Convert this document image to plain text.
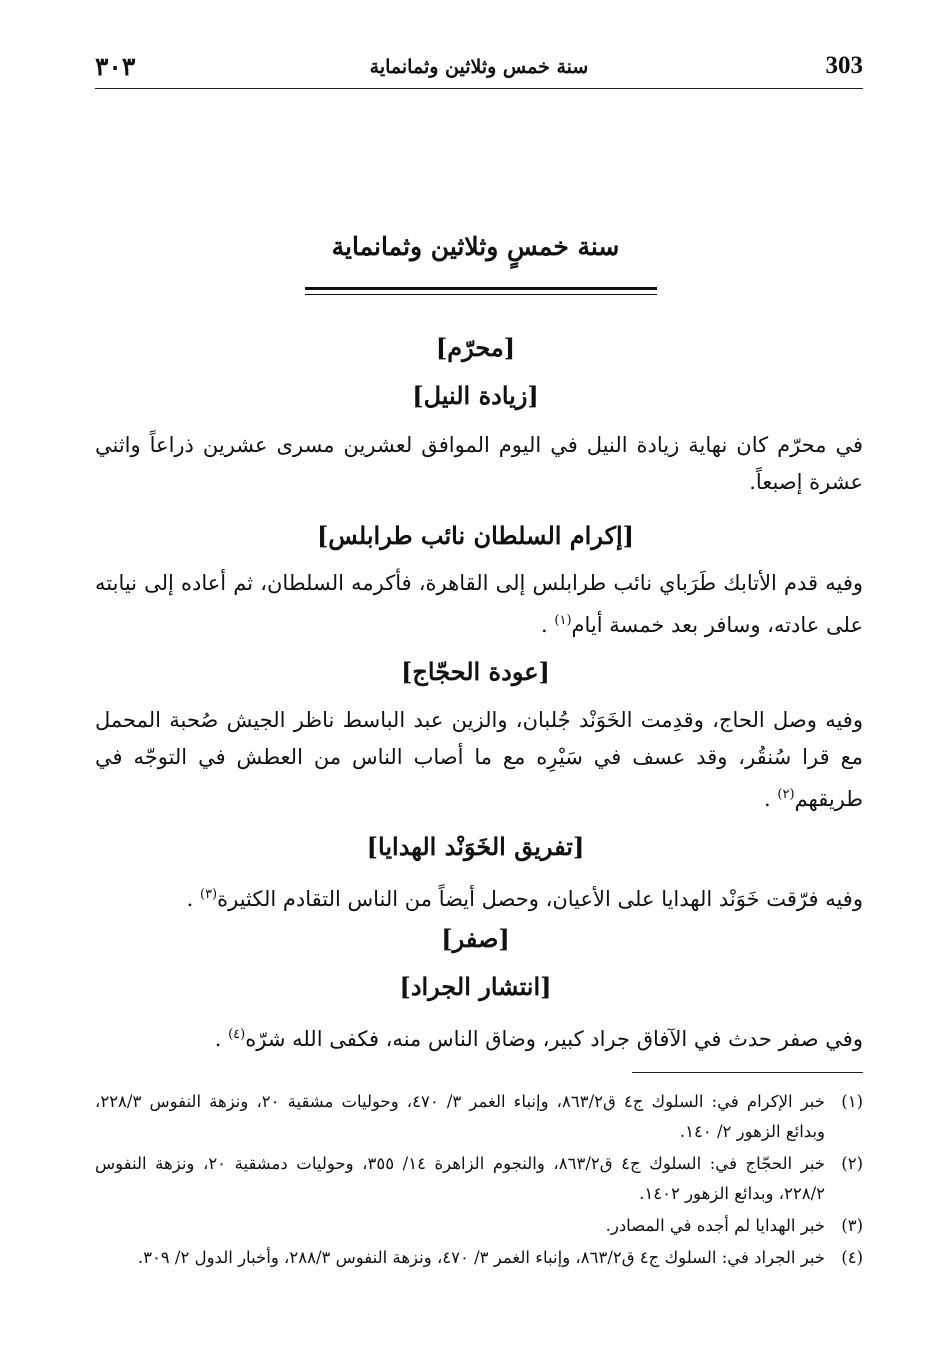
٣٠٣	سنة خمس وثلاثين وثمانماية	303
سنة خمسٍ وثلاثين وثمانماية
[محرّم]
[زيادة النيل]
في محرّم كان نهاية زيادة النيل في اليوم الموافق لعشرين مسرى عشرين ذراعاً واثني عشرة إصبعاً.
[إكرام السلطان نائب طرابلس]
وفيه قدم الأتابك طَرَباي نائب طرابلس إلى القاهرة، فأكرمه السلطان، ثم أعاده إلى نيابته على عادته، وسافر بعد خمسة أيام$^{(١)}$ .
[عودة الحجّاج]
وفيه وصل الحاج، وقدِمت الخَوَنْد جُلبان، والزين عبد الباسط ناظر الجيش صُحبة المحمل مع قرا سُنقُر، وقد عسف في سَيْرِه مع ما أصاب الناس من العطش في التوجّه في طريقهم$^{(٢)}$ .
[تفريق الخَوَنْد الهدايا]
وفيه فرّقت خَوَنْد الهدايا على الأعيان، وحصل أيضاً من الناس التقادم الكثيرة$^{(٣)}$ .
[صفر]
[انتشار الجراد]
وفي صفر حدث في الآفاق جراد كبير، وضاق الناس منه، فكفى الله شرّه$^{(٤)}$ .
(١)
خبر الإكرام في: السلوك ج٤ ق٨٦٣/٢، وإنباء الغمر ٣/ ٤٧٠، وحوليات مشقية ٢٠، ونزهة النفوس ٢٢٨/٣، وبدائع الزهور ٢/ ١٤٠.
(٢)
خبر الحجّاج في: السلوك ج٤ ق٨٦٣/٢، والنجوم الزاهرة ١٤/ ٣٥٥، وحوليات دمشقية ٢٠، ونزهة النفوس ٢٢٨/٢، وبدائع الزهور ١٤٠٢.
(٣)
خبر الهدايا لم أجده في المصادر.
(٤)
خبر الجراد في: السلوك ج٤ ق٨٦٣/٢، وإنباء الغمر ٣/ ٤٧٠، ونزهة النفوس ٢٨٨/٣، وأخبار الدول ٢/ ٣٠٩.
